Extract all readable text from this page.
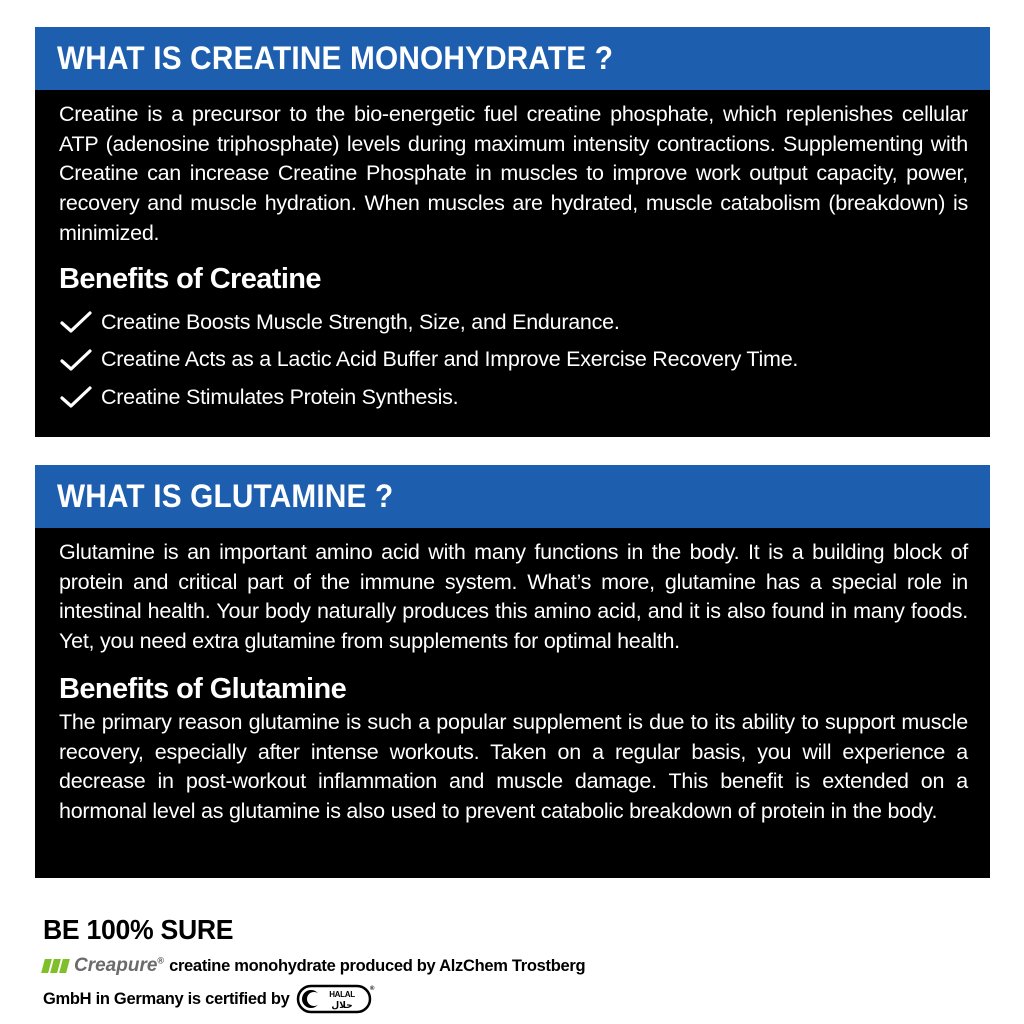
WHAT IS CREATINE MONOHYDRATE ?

Creatine is a precursor to the bio-energetic fuel creatine phosphate, which replenishes cellular ATP (adenosine triphosphate) levels during maximum intensity contractions. Supplementing with Creatine can increase Creatine Phosphate in muscles to improve work output capacity, power, recovery and muscle hydration. When muscles are hydrated, muscle catabolism (breakdown) is minimized.

Benefits of Creatine
Creatine Boosts Muscle Strength, Size, and Endurance.
Creatine Acts as a Lactic Acid Buffer and Improve Exercise Recovery Time.
Creatine Stimulates Protein Synthesis.
WHAT IS GLUTAMINE ?

Glutamine is an important amino acid with many functions in the body. It is a building block of protein and critical part of the immune system. What’s more, glutamine has a special role in intestinal health. Your body naturally produces this amino acid, and it is also found in many foods. Yet, you need extra glutamine from supplements for optimal health.

Benefits of Glutamine

The primary reason glutamine is such a popular supplement is due to its ability to support muscle recovery, especially after intense workouts. Taken on a regular basis, you will experience a decrease in post-workout inflammation and muscle damage. This benefit is extended on a hormonal level as glutamine is also used to prevent catabolic breakdown of protein in the body.

BE 100% SURE
Creapure® creatine monohydrate produced by AlzChem Trostberg
GmbH in Germany is certified by	HALAL
حلال
®
